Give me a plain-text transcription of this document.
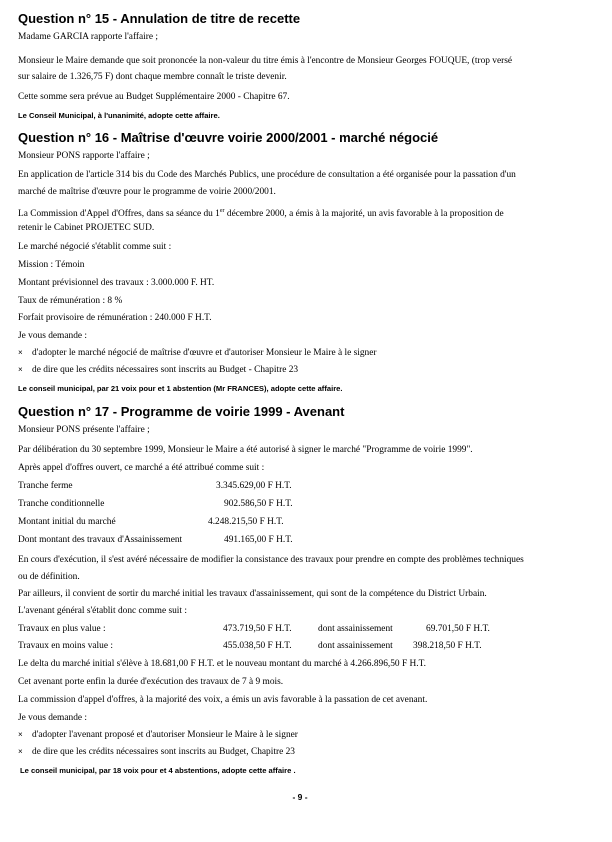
Question n° 15 - Annulation de titre de recette
Madame GARCIA rapporte l'affaire ;
Monsieur le Maire demande que soit prononcée la non-valeur du titre émis à l'encontre de Monsieur Georges FOUQUE, (trop versé
sur salaire de 1.326,75 F) dont chaque membre connaît le triste devenir.
Cette somme sera prévue au Budget Supplémentaire 2000 - Chapitre 67.
Le Conseil Municipal, à l'unanimité, adopte cette affaire.
Question n° 16 - Maîtrise d'œuvre voirie 2000/2001 - marché négocié
Monsieur PONS rapporte l'affaire ;
En application de l'article 314 bis du Code des Marchés Publics, une procédure de consultation a été organisée pour la passation d'un
marché de maîtrise d'œuvre pour le programme de voirie 2000/2001.
La Commission d'Appel d'Offres, dans sa séance du 1er décembre 2000, a émis à la majorité, un avis favorable à la proposition de
retenir le Cabinet PROJETEC SUD.
Le marché négocié s'établit comme suit :
Mission : Témoin
Montant prévisionnel des travaux : 3.000.000 F. HT.
Taux de rémunération : 8 %
Forfait provisoire de rémunération : 240.000 F H.T.
Je vous demande :
× d'adopter le marché négocié de maîtrise d'œuvre et d'autoriser Monsieur le Maire à le signer
× de dire que les crédits nécessaires sont inscrits au Budget - Chapitre 23
Le conseil municipal, par 21 voix pour et 1 abstention (Mr FRANCES), adopte cette affaire.
Question n° 17 - Programme de voirie 1999 - Avenant
Monsieur PONS présente l'affaire ;
Par délibération du 30 septembre 1999, Monsieur le Maire a été autorisé à signer le marché "Programme de voirie 1999".
Après appel d'offres ouvert, ce marché a été attribué comme suit :
Tranche ferme	3.345.629,00 F H.T.
Tranche conditionnelle	902.586,50 F H.T.
Montant initial du marché	4.248.215,50 F H.T.
Dont montant des travaux d'Assainissement	491.165,00 F H.T.
En cours d'exécution, il s'est avéré nécessaire de modifier la consistance des travaux pour prendre en compte des problèmes techniques
ou de définition.
Par ailleurs, il convient de sortir du marché initial les travaux d'assainissement, qui sont de la compétence du District Urbain.
L'avenant général s'établit donc comme suit :
Travaux en plus value :	473.719,50 F H.T.	dont assainissement	69.701,50 F H.T.
Travaux en moins value :	455.038,50 F H.T.	dont assainissement 398.218,50 F H.T.
Le delta du marché initial s'élève à 18.681,00 F H.T. et le nouveau montant du marché à 4.266.896,50 F H.T.
Cet avenant porte enfin la durée d'exécution des travaux de 7 à 9 mois.
La commission d'appel d'offres, à la majorité des voix, a émis un avis favorable à la passation de cet avenant.
Je vous demande :
× d'adopter l'avenant proposé et d'autoriser Monsieur le Maire à le signer
× de dire que les crédits nécessaires sont inscrits au Budget, Chapitre 23
Le conseil municipal, par 18 voix pour et 4 abstentions, adopte cette affaire .
- 9 -
